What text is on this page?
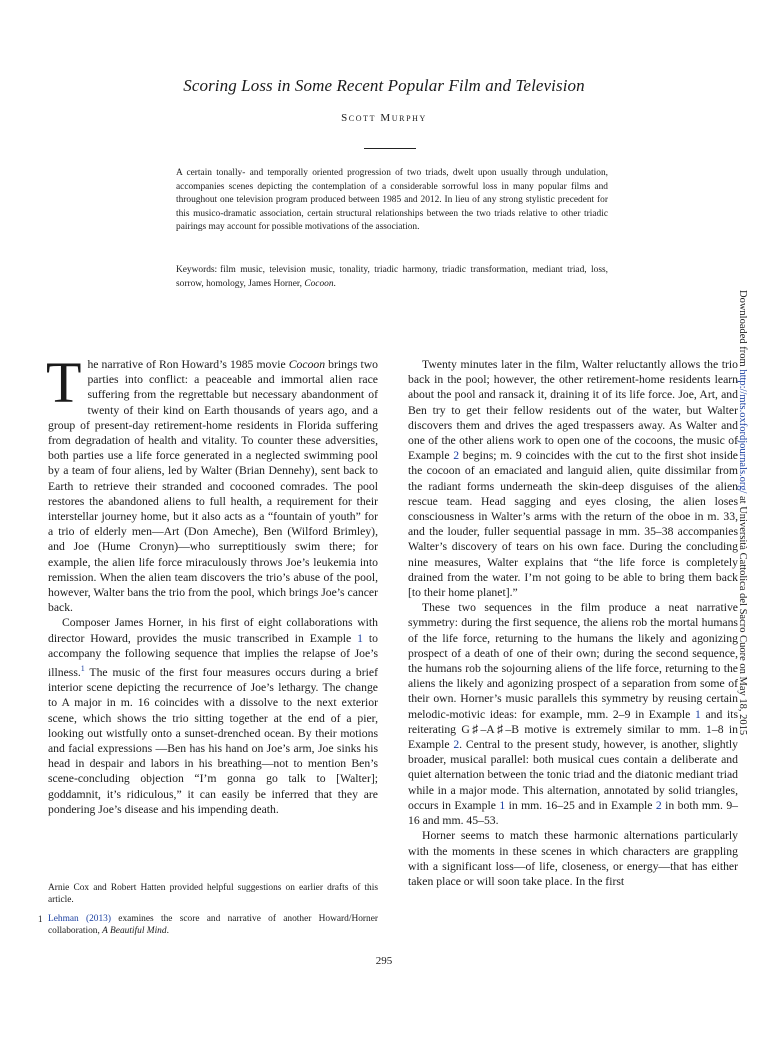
Scoring Loss in Some Recent Popular Film and Television
Scott Murphy

A certain tonally- and temporally oriented progression of two triads, dwelt upon usually through undulation, accompanies scenes depicting the contemplation of a considerable sorrowful loss in many popular films and throughout one television program produced between 1985 and 2012. In lieu of any strong stylistic precedent for this musico-dramatic association, certain structural relationships between the two triads relative to other triadic pairings may account for possible motivations of the association.

Keywords: film music, television music, tonality, triadic harmony, triadic transformation, mediant triad, loss, sorrow, homology, James Horner, Cocoon.

The narrative of Ron Howard’s 1985 movie Cocoon brings two parties into conflict: a peaceable and immortal alien race suffering from the regrettable but necessary abandonment of twenty of their kind on Earth thousands of years ago, and a group of present-day retirement-home residents in Florida suffering from degradation of health and vitality. To counter these adversities, both parties use a life force generated in a neglected swimming pool by a team of four aliens, led by Walter (Brian Dennehy), sent back to Earth to retrieve their stranded and cocooned comrades. The pool restores the abandoned aliens to full health, a requirement for their interstellar journey home, but it also acts as a “fountain of youth” for a trio of elderly men—Art (Don Ameche), Ben (Wilford Brimley), and Joe (Hume Cronyn)—who surreptitiously swim there; for example, the alien life force miraculously throws Joe’s leukemia into remission. When the alien team discovers the trio’s abuse of the pool, however, Walter bans the trio from the pool, which brings Joe’s cancer back.

Composer James Horner, in his first of eight collaborations with director Howard, provides the music transcribed in Example 1 to accompany the following sequence that implies the relapse of Joe’s illness.$^1$ The music of the first four measures occurs during a brief interior scene depicting the recurrence of Joe’s lethargy. The change to A major in m. 16 coincides with a dissolve to the next exterior scene, which shows the trio sitting together at the end of a pier, looking out wistfully onto a sunset-drenched ocean. By their motions and facial expressions —Ben has his hand on Joe’s arm, Joe sinks his head in despair and labors in his breathing—not to mention Ben’s scene-concluding objection “I’m gonna go talk to [Walter]; goddamnit, it’s ridiculous,” it can easily be inferred that they are pondering Joe’s disease and his impending death.

Twenty minutes later in the film, Walter reluctantly allows the trio back in the pool; however, the other retirement-home residents learn about the pool and ransack it, draining it of its life force. Joe, Art, and Ben try to get their fellow residents out of the water, but Walter discovers them and drives the aged trespassers away. As Walter and one of the other aliens work to open one of the cocoons, the music of Example 2 begins; m. 9 coincides with the cut to the first shot inside the cocoon of an emaciated and languid alien, quite dissimilar from the radiant forms underneath the skin-deep disguises of the alien rescue team. Head sagging and eyes closing, the alien loses consciousness in Walter’s arms with the return of the oboe in m. 33, and the louder, fuller sequential passage in mm. 35–38 accompanies Walter’s discovery of tears on his own face. During the concluding nine measures, Walter explains that “the life force is completely drained from the water. I’m not going to be able to bring them back [to their home planet].”

These two sequences in the film produce a neat narrative symmetry: during the first sequence, the aliens rob the mortal humans of the life force, returning to the humans the likely and agonizing prospect of a death of one of their own; during the second sequence, the humans rob the sojourning aliens of the life force, returning to the aliens the likely and agonizing prospect of a separation from some of their own. Horner’s music parallels this symmetry by reusing certain melodic-motivic ideas: for example, mm. 2–9 in Example 1 and its reiterating G♯–A♯–B motive is extremely similar to mm. 1–8 in Example 2. Central to the present study, however, is another, slightly broader, musical parallel: both musical cues contain a deliberate and quiet alternation between the tonic triad and the diatonic mediant triad while in a major mode. This alternation, annotated by solid triangles, occurs in Example 1 in mm. 16–25 and in Example 2 in both mm. 9–16 and mm. 45–53.

Horner seems to match these harmonic alternations particularly with the moments in these scenes in which characters are grappling with a significant loss—of life, closeness, or energy—that has either taken place or will soon take place. In the first

Arnie Cox and Robert Hatten provided helpful suggestions on earlier drafts of this article.

1 Lehman (2013) examines the score and narrative of another Howard/Horner collaboration, A Beautiful Mind.

295
Downloaded from http://mts.oxfordjournals.org/ at Università Cattolica del Sacro Cuore on May 18, 2015
